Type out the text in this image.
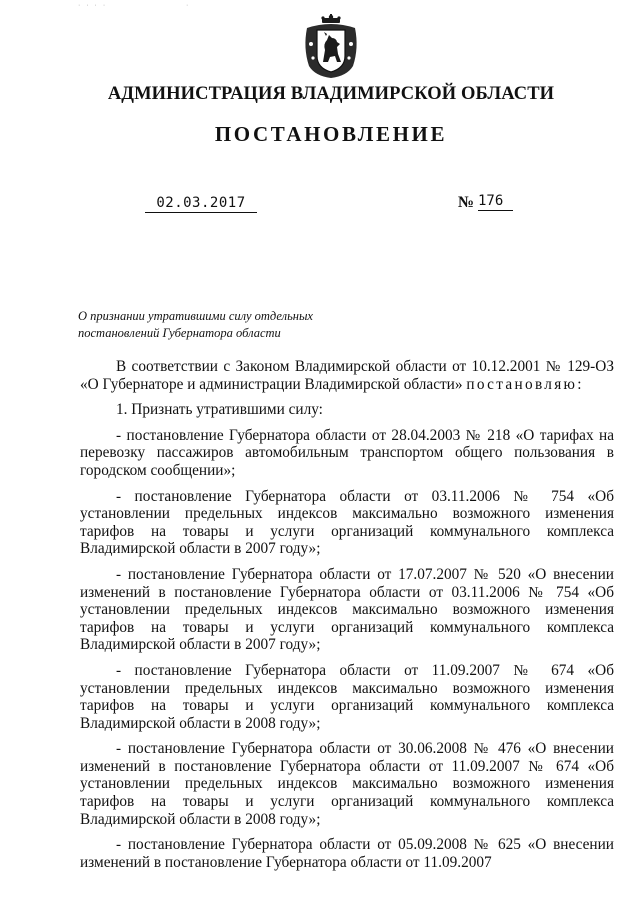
· · · ·	·
АДМИНИСТРАЦИЯ ВЛАДИМИРСКОЙ ОБЛАСТИ
ПОСТАНОВЛЕНИЕ
02.03.2017	№ 176
О признании утратившими силу отдельных
постановлений Губернатора области

В соответствии с Законом Владимирской области от 10.12.2001 № 129-ОЗ «О Губернаторе и администрации Владимирской области» постановляю:

1. Признать утратившими силу:

- постановление Губернатора области от 28.04.2003 № 218 «О тарифах на перевозку пассажиров автомобильным транспортом общего пользования в городском сообщении»;

- постановление Губернатора области от 03.11.2006 № 754 «Об установлении предельных индексов максимально возможного изменения тарифов на товары и услуги организаций коммунального комплекса Владимирской области в 2007 году»;

- постановление Губернатора области от 17.07.2007 № 520 «О внесении изменений в постановление Губернатора области от 03.11.2006 № 754 «Об установлении предельных индексов максимально возможного изменения тарифов на товары и услуги организаций коммунального комплекса Владимирской области в 2007 году»;

- постановление Губернатора области от 11.09.2007 № 674 «Об установлении предельных индексов максимально возможного изменения тарифов на товары и услуги организаций коммунального комплекса Владимирской области в 2008 году»;

- постановление Губернатора области от 30.06.2008 № 476 «О внесении изменений в постановление Губернатора области от 11.09.2007 № 674 «Об установлении предельных индексов максимально возможного изменения тарифов на товары и услуги организаций коммунального комплекса Владимирской области в 2008 году»;

- постановление Губернатора области от 05.09.2008 № 625 «О внесении изменений в постановление Губернатора области от 11.09.2007
